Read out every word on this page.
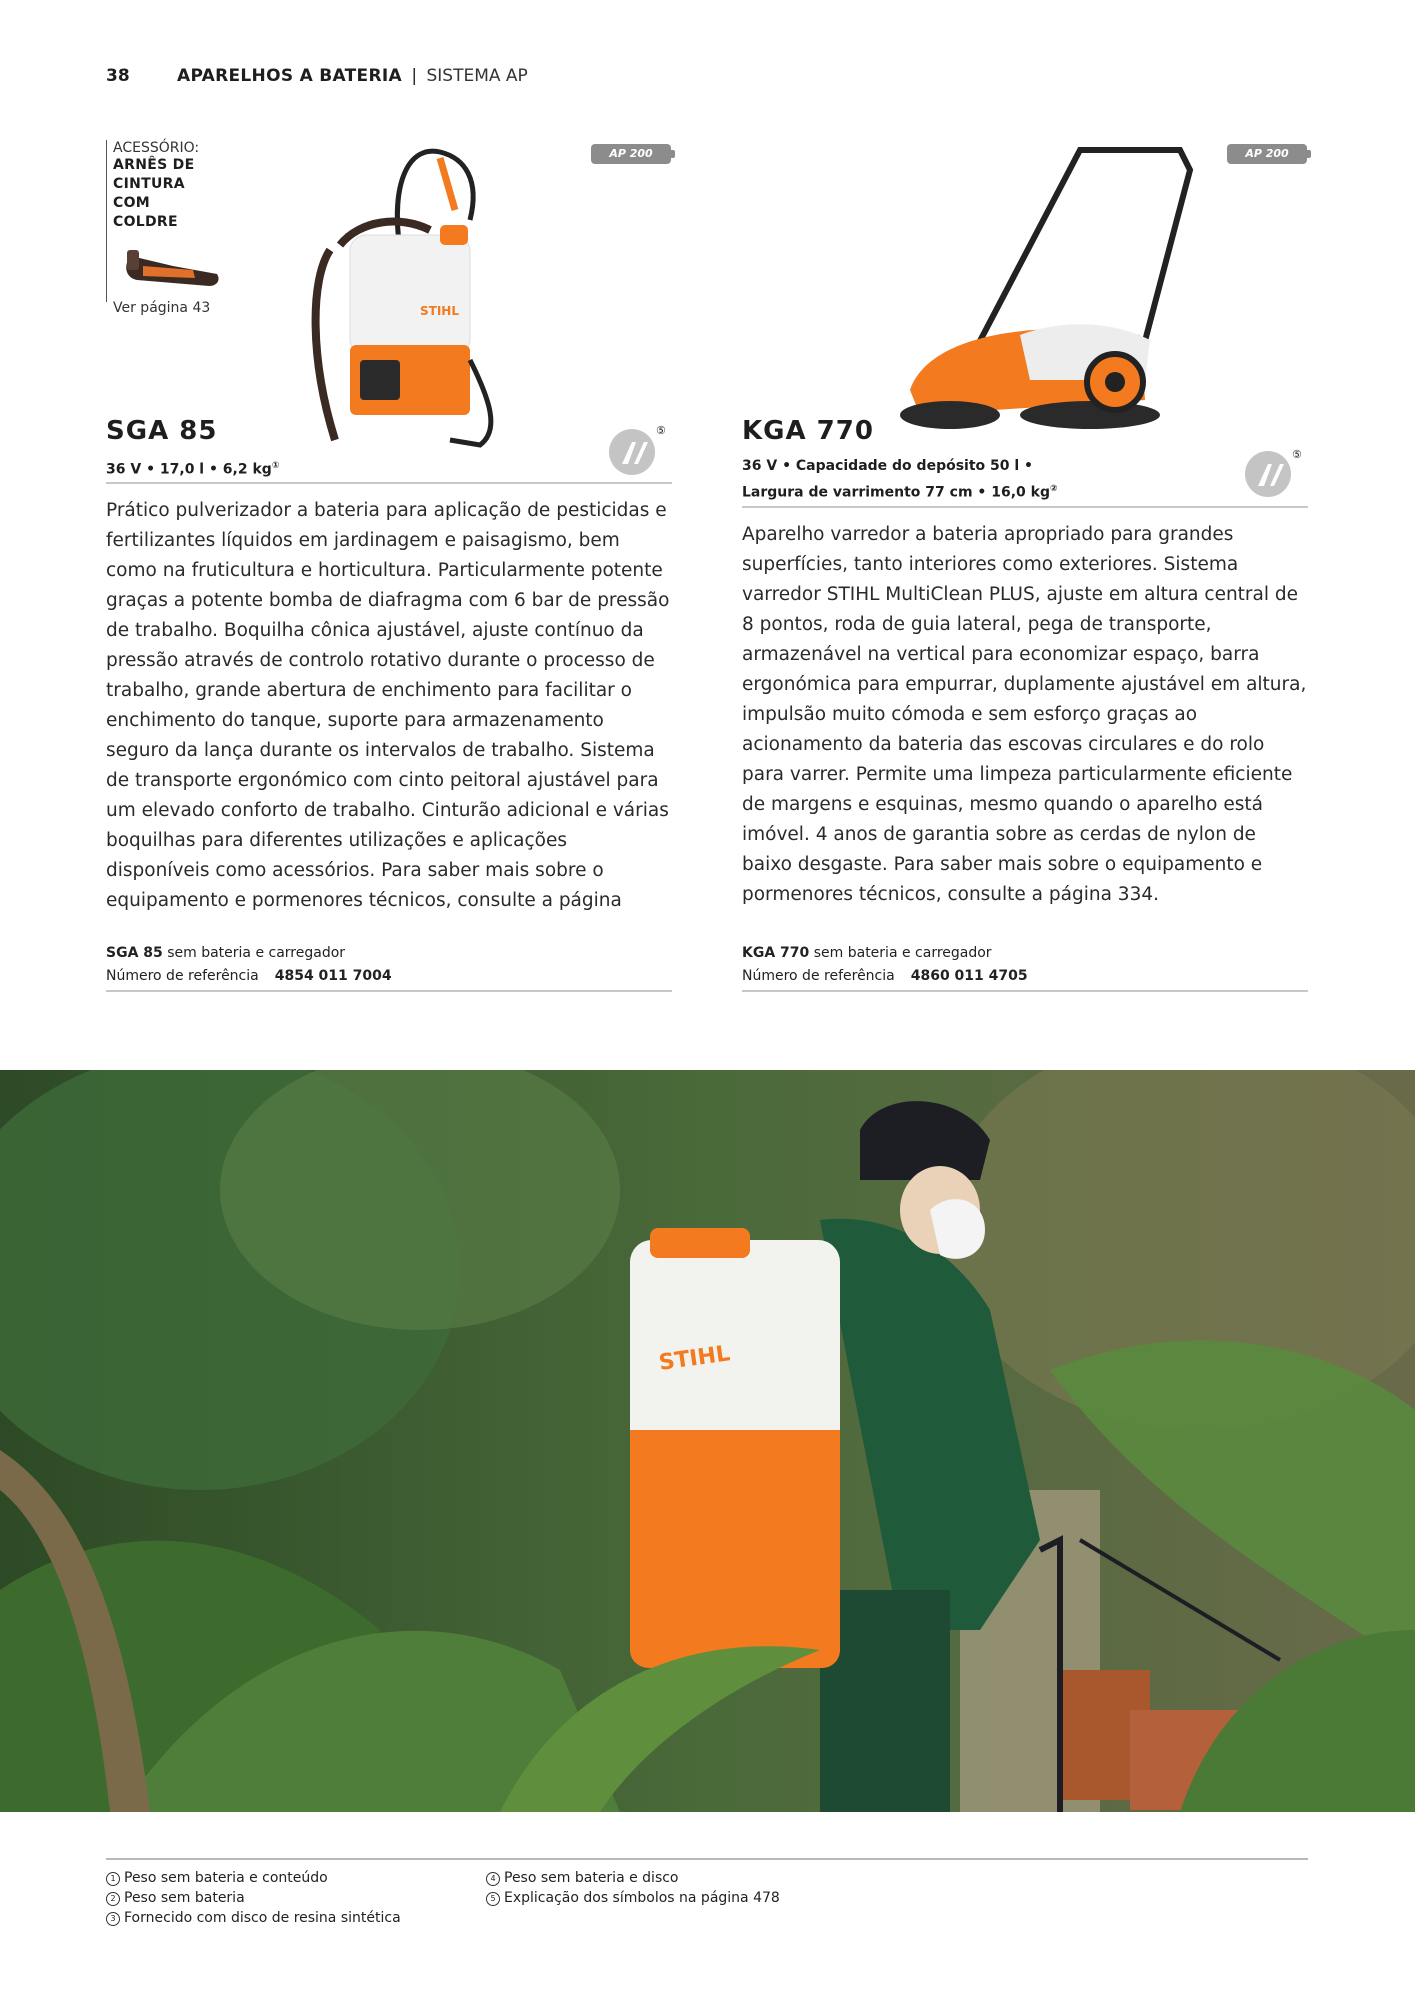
38	APARELHOS A BATERIA | SISTEMA AP
ACESSÓRIO:
ARNÊS DE
CINTURA COM
COLDRE
Ver página 43	STIHL
AP 200	AP 200
SGA 85
36 V • 17,0 l • 6,2 kg①
⑤
Prático pulverizador a bateria para aplicação de pesticidas e fertilizantes líquidos em jardinagem e paisagismo, bem como na fruticultura e horticultura. Particularmente potente graças a potente bomba de diafragma com 6 bar de pressão de trabalho. Boquilha cônica ajustável, ajuste contínuo da pressão através de controlo rotativo durante o processo de trabalho, grande abertura de enchimento para facilitar o enchimento do tanque, suporte para armazenamento seguro da lança durante os intervalos de trabalho. Sistema de transporte ergonómico com cinto peitoral ajustável para um elevado conforto de trabalho. Cinturão adicional e várias boquilhas para diferentes utilizações e aplicações disponíveis como acessórios. Para saber mais sobre o equipamento e pormenores técnicos, consulte a página
SGA 85 sem bateria e carregador
Número de referência 4854 011 7004
KGA 770
36 V • Capacidade do depósito 50 l •
Largura de varrimento 77 cm • 16,0 kg②
⑤
Aparelho varredor a bateria apropriado para grandes superfícies, tanto interiores como exteriores. Sistema varredor STIHL MultiClean PLUS, ajuste em altura central de 8 pontos, roda de guia lateral, pega de transporte, armazenável na vertical para economizar espaço, barra ergonómica para empurrar, duplamente ajustável em altura, impulsão muito cómoda e sem esforço graças ao acionamento da bateria das escovas circulares e do rolo para varrer. Permite uma limpeza particularmente eficiente de margens e esquinas, mesmo quando o aparelho está imóvel. 4 anos de garantia sobre as cerdas de nylon de baixo desgaste. Para saber mais sobre o equipamento e pormenores técnicos, consulte a página 334.
KGA 770 sem bateria e carregador
Número de referência 4860 011 4705
STIHL
1 Peso sem bateria e conteúdo
2 Peso sem bateria
3 Fornecido com disco de resina sintética
4 Peso sem bateria e disco
5 Explicação dos símbolos na página 478
